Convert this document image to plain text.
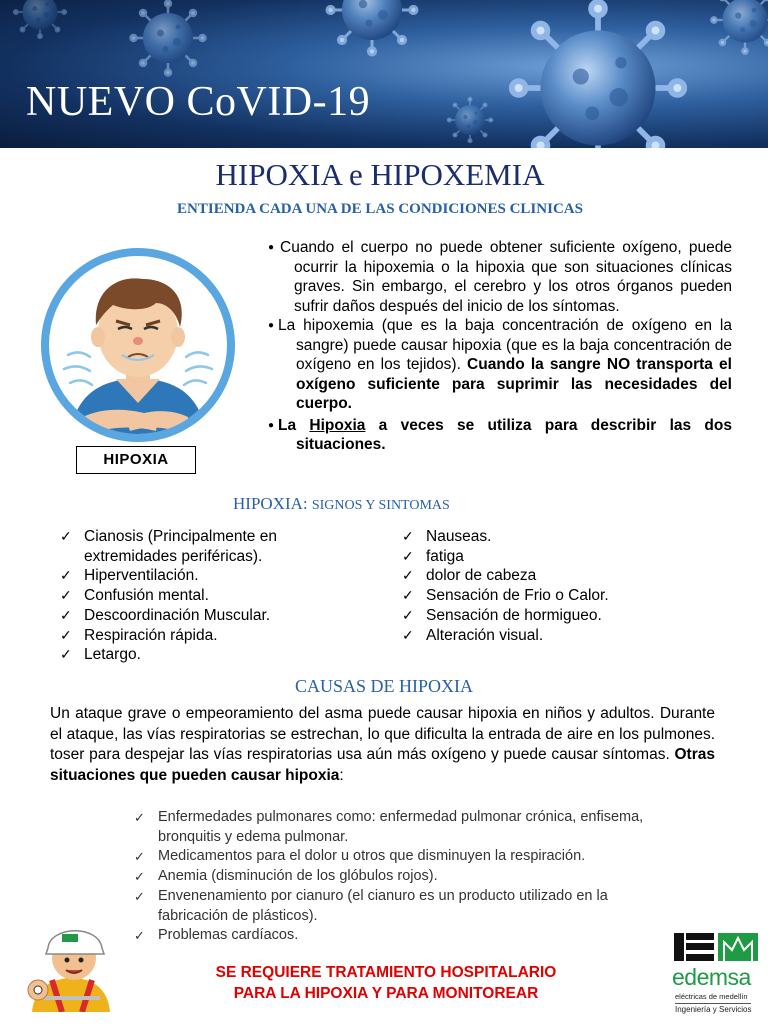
NUEVO CoVID-19
HIPOXIA e HIPOXEMIA
ENTIENDA CADA UNA DE LAS CONDICIONES CLINICAS
HIPOXIA

● Cuando el cuerpo no puede obtener suficiente oxígeno, puede ocurrir la hipoxemia o la hipoxia que son situaciones clínicas graves. Sin embargo, el cerebro y los otros órganos pueden sufrir daños después del inicio de los síntomas.

● La hipoxemia (que es la baja concentración de oxígeno en la sangre) puede causar hipoxia (que es la baja concentración de oxígeno en los tejidos). Cuando la sangre NO transporta el oxígeno suficiente para suprimir las necesidades del cuerpo.

● La Hipoxia a veces se utiliza para describir las dos situaciones.

HIPOXIA: SIGNOS Y SINTOMAS
✓ Cianosis (Principalmente en extremidades periféricas).
✓ Hiperventilación.
✓ Confusión mental.
✓ Descoordinación Muscular.
✓ Respiración rápida.
✓ Letargo.
✓ Nauseas.
✓ fatiga
✓ dolor de cabeza
✓ Sensación de Frio o Calor.
✓ Sensación de hormigueo.
✓ Alteración visual.
CAUSAS DE HIPOXIA
Un ataque grave o empeoramiento del asma puede causar hipoxia en niños y adultos. Durante el ataque, las vías respiratorias se estrechan, lo que dificulta la entrada de aire en los pulmones. toser para despejar las vías respiratorias usa aún más oxígeno y puede causar síntomas. Otras situaciones que pueden causar hipoxia:
✓ Enfermedades pulmonares como: enfermedad pulmonar crónica, enfisema, bronquitis y edema pulmonar.
✓ Medicamentos para el dolor u otros que disminuyen la respiración.
✓ Anemia (disminución de los glóbulos rojos).
✓ Envenenamiento por cianuro (el cianuro es un producto utilizado en la fabricación de plásticos).
✓ Problemas cardíacos.
SE REQUIERE TRATAMIENTO HOSPITALARIO
PARA LA HIPOXIA Y PARA MONITOREAR
edemsa
eléctricas de medellín
Ingeniería y Servicios
